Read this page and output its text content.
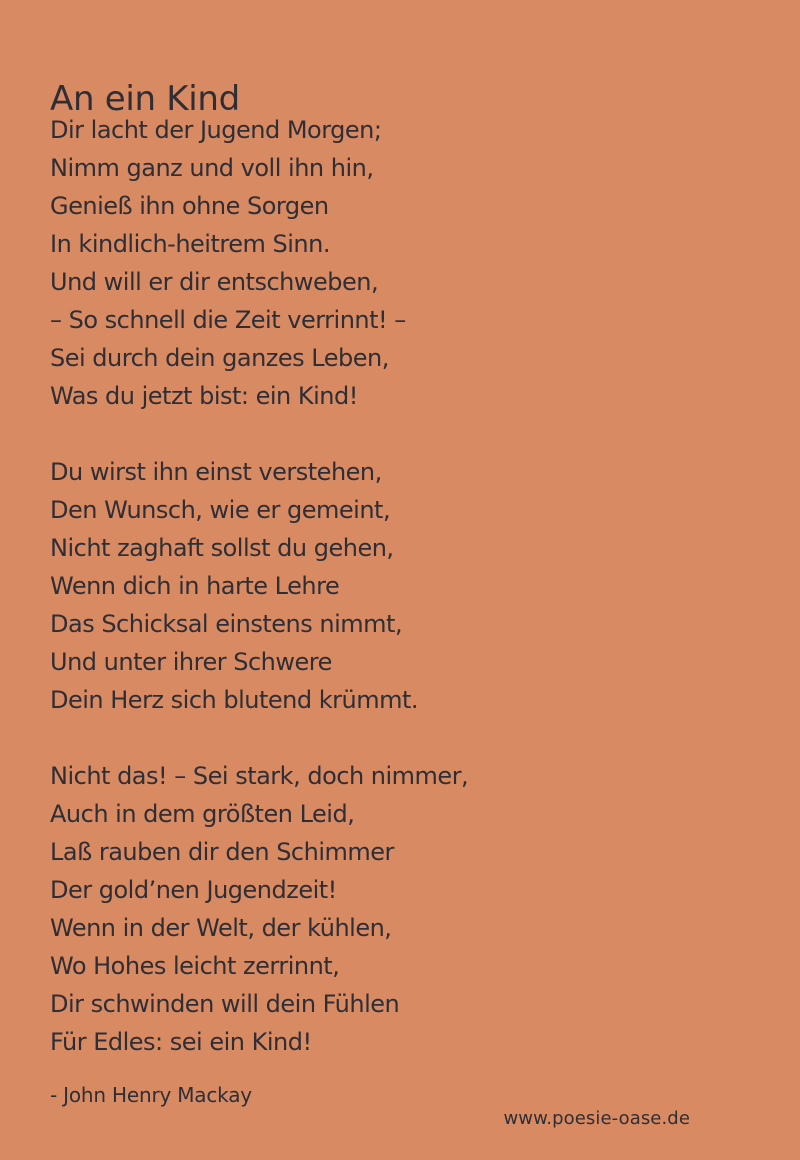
An ein Kind
Dir lacht der Jugend Morgen;
Nimm ganz und voll ihn hin,
Genieß ihn ohne Sorgen
In kindlich-heitrem Sinn.
Und will er dir entschweben,
– So schnell die Zeit verrinnt! –
Sei durch dein ganzes Leben,
Was du jetzt bist: ein Kind!
Du wirst ihn einst verstehen,
Den Wunsch, wie er gemeint,
Nicht zaghaft sollst du gehen,
Wenn dich in harte Lehre
Das Schicksal einstens nimmt,
Und unter ihrer Schwere
Dein Herz sich blutend krümmt.
Nicht das! – Sei stark, doch nimmer,
Auch in dem größten Leid,
Laß rauben dir den Schimmer
Der gold’nen Jugendzeit!
Wenn in der Welt, der kühlen,
Wo Hohes leicht zerrinnt,
Dir schwinden will dein Fühlen
Für Edles: sei ein Kind!
- John Henry Mackay
www.poesie-oase.de
